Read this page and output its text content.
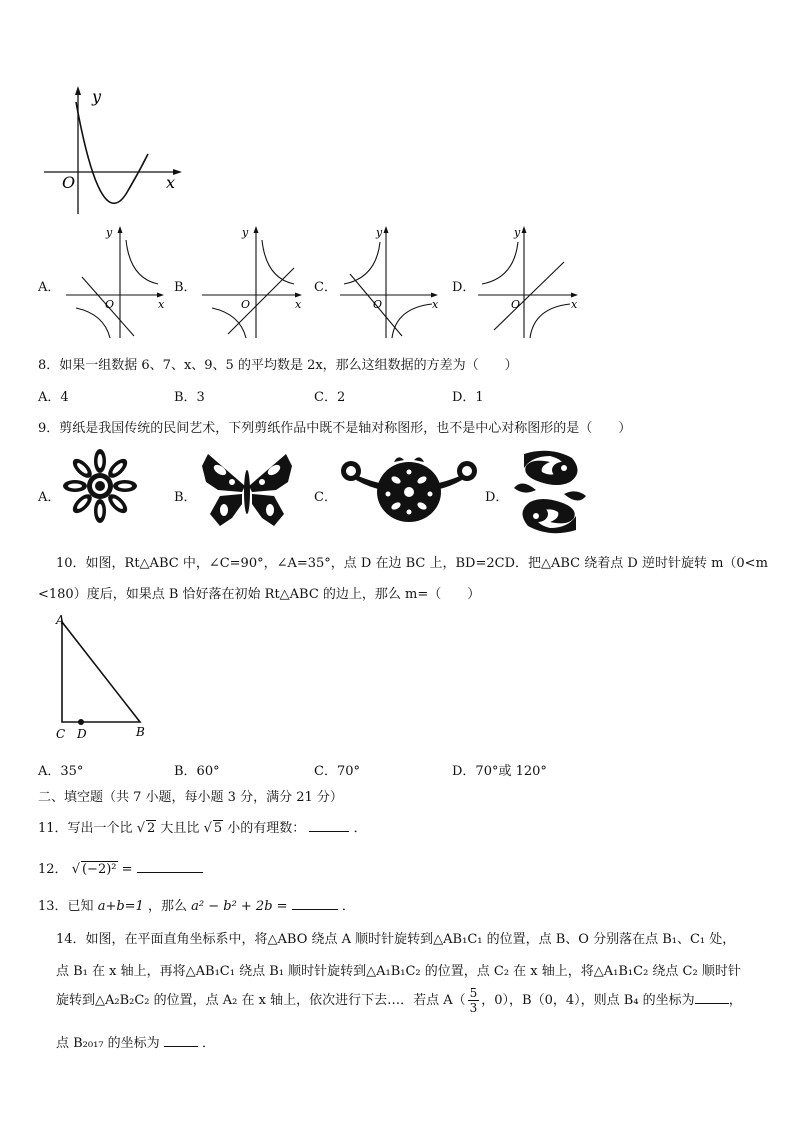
y
x
O
A．
y
x
O
B．
y
x
O
C．
y
x
O
D．
y
x
O
8．如果一组数据 6、7、x、9、5 的平均数是 2x，那么这组数据的方差为（　　）
A．4	B．3	C．2	D．1
9．剪纸是我国传统的民间艺术，下列剪纸作品中既不是轴对称图形，也不是中心对称图形的是（　　）
A．	B．	C．	D．
10．如图，Rt△ABC 中，∠C=90°，∠A=35°，点 D 在边 BC 上，BD=2CD．把△ABC 绕着点 D 逆时针旋转 m（0<m
<180）度后，如果点 B 恰好落在初始 Rt△ABC 的边上，那么 m=（　　）
A
C D	B
A．35°	B．60°	C．70°	D．70°或 120°
二、填空题（共 7 小题，每小题 3 分，满分 21 分）
11．写出一个比 √ 2 大且比 √ 5 小的有理数：	．
12． √ (−2)² =
13．已知 a+b=1 ，那么 a² − b² + 2b =	．
14．如图，在平面直角坐标系中，将△ABO 绕点 A 顺时针旋转到△AB₁C₁ 的位置，点 B、O 分别落在点 B₁、C₁ 处，
点 B₁ 在 x 轴上，再将△AB₁C₁ 绕点 B₁ 顺时针旋转到△A₁B₁C₂ 的位置，点 C₂ 在 x 轴上，将△A₁B₁C₂ 绕点 C₂ 顺时针
旋转到△A₂B₂C₂ 的位置，点 A₂ 在 x 轴上，依次进行下去…．若点 $A( \frac{5}{3}$ ，0），B（0，4），则点 B₄ 的坐标为	，
点 B₂₀₁₇ 的坐标为	．
